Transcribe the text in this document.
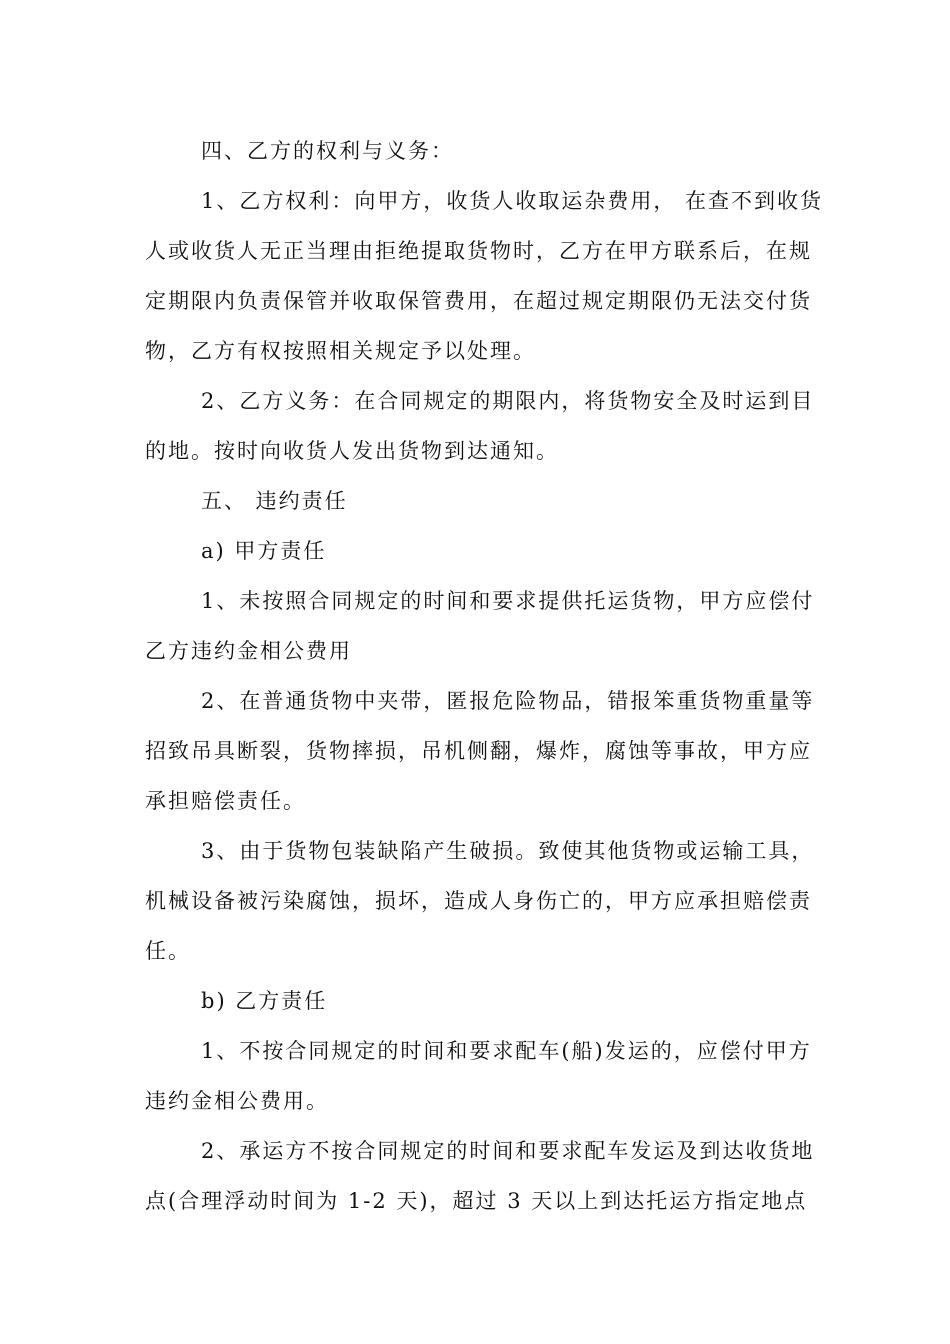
四、乙方的权利与义务：
1、乙方权利：向甲方，收货人收取运杂费用， 在查不到收货
人或收货人无正当理由拒绝提取货物时，乙方在甲方联系后，在规
定期限内负责保管并收取保管费用，在超过规定期限仍无法交付货
物，乙方有权按照相关规定予以处理。
2、乙方义务：在合同规定的期限内，将货物安全及时运到目
的地。按时向收货人发出货物到达通知。
五、 违约责任
a) 甲方责任
1、未按照合同规定的时间和要求提供托运货物，甲方应偿付
乙方违约金相公费用
2、在普通货物中夹带，匿报危险物品，错报笨重货物重量等
招致吊具断裂，货物摔损，吊机侧翻，爆炸，腐蚀等事故，甲方应
承担赔偿责任。
3、由于货物包装缺陷产生破损。致使其他货物或运输工具，
机械设备被污染腐蚀，损坏，造成人身伤亡的，甲方应承担赔偿责
任。
b) 乙方责任
1、不按合同规定的时间和要求配车(船)发运的，应偿付甲方
违约金相公费用。
2、承运方不按合同规定的时间和要求配车发运及到达收货地
点(合理浮动时间为 1-2 天)，超过 3 天以上到达托运方指定地点
